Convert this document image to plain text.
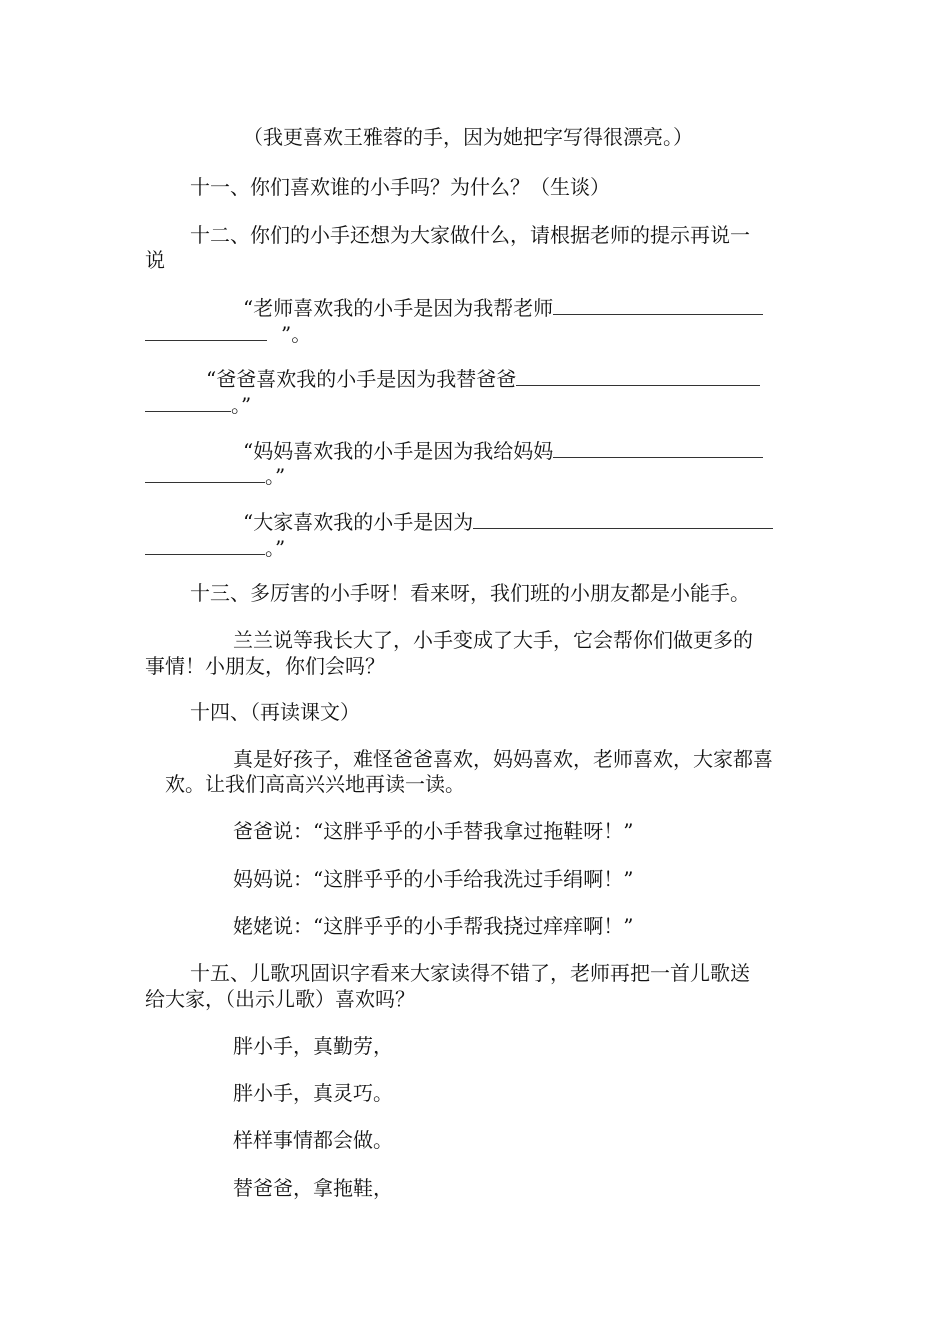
（我更喜欢王雅蓉的手，因为她把字写得很漂亮。）
十一、你们喜欢谁的小手吗？为什么？（生谈）
十二、你们的小手还想为大家做什么，请根据老师的提示再说一
说
“老师喜欢我的小手是因为我帮老师
”。
“爸爸喜欢我的小手是因为我替爸爸
。”
“妈妈喜欢我的小手是因为我给妈妈
。”
“大家喜欢我的小手是因为
。”
十三、多厉害的小手呀！看来呀，我们班的小朋友都是小能手。
兰兰说等我长大了，小手变成了大手，它会帮你们做更多的
事情！小朋友，你们会吗？
十四、（再读课文）
真是好孩子，难怪爸爸喜欢，妈妈喜欢，老师喜欢，大家都喜
欢。让我们高高兴兴地再读一读。
爸爸说：“这胖乎乎的小手替我拿过拖鞋呀！”
妈妈说：“这胖乎乎的小手给我洗过手绢啊！”
姥姥说：“这胖乎乎的小手帮我挠过痒痒啊！”
十五、儿歌巩固识字看来大家读得不错了，老师再把一首儿歌送
给大家，（出示儿歌）喜欢吗？
胖小手，真勤劳，
胖小手，真灵巧。
样样事情都会做。
替爸爸，拿拖鞋，
